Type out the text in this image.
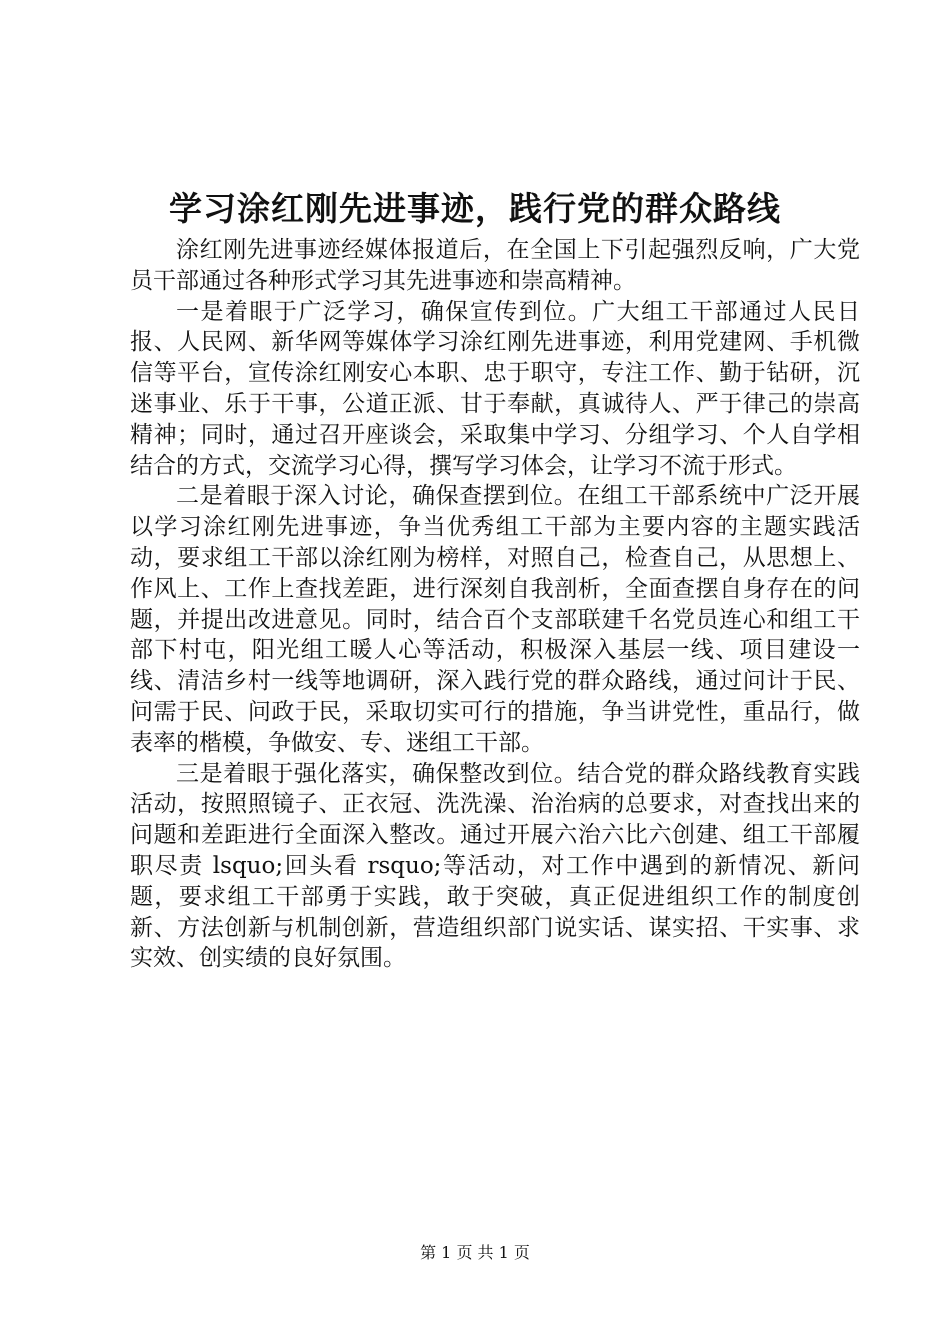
学习涂红刚先进事迹，践行党的群众路线

涂红刚先进事迹经媒体报道后，在全国上下引起强烈反响，广大党员干部通过各种形式学习其先进事迹和崇高精神。

一是着眼于广泛学习，确保宣传到位。广大组工干部通过人民日报、人民网、新华网等媒体学习涂红刚先进事迹，利用党建网、手机微信等平台，宣传涂红刚安心本职、忠于职守，专注工作、勤于钻研，沉迷事业、乐于干事，公道正派、甘于奉献，真诚待人、严于律己的崇高精神；同时，通过召开座谈会，采取集中学习、分组学习、个人自学相结合的方式，交流学习心得，撰写学习体会，让学习不流于形式。

二是着眼于深入讨论，确保查摆到位。在组工干部系统中广泛开展以学习涂红刚先进事迹，争当优秀组工干部为主要内容的主题实践活动，要求组工干部以涂红刚为榜样，对照自己，检查自己，从思想上、作风上、工作上查找差距，进行深刻自我剖析，全面查摆自身存在的问题，并提出改进意见。同时，结合百个支部联建千名党员连心和组工干部下村屯，阳光组工暖人心等活动，积极深入基层一线、项目建设一线、清洁乡村一线等地调研，深入践行党的群众路线，通过问计于民、问需于民、问政于民，采取切实可行的措施，争当讲党性，重品行，做表率的楷模，争做安、专、迷组工干部。

三是着眼于强化落实，确保整改到位。结合党的群众路线教育实践活动，按照照镜子、正衣冠、洗洗澡、治治病的总要求，对查找出来的问题和差距进行全面深入整改。通过开展六治六比六创建、组工干部履职尽责 lsquo;回头看 rsquo;等活动，对工作中遇到的新情况、新问题，要求组工干部勇于实践，敢于突破，真正促进组织工作的制度创新、方法创新与机制创新，营造组织部门说实话、谋实招、干实事、求实效、创实绩的良好氛围。

第 1 页 共 1 页
